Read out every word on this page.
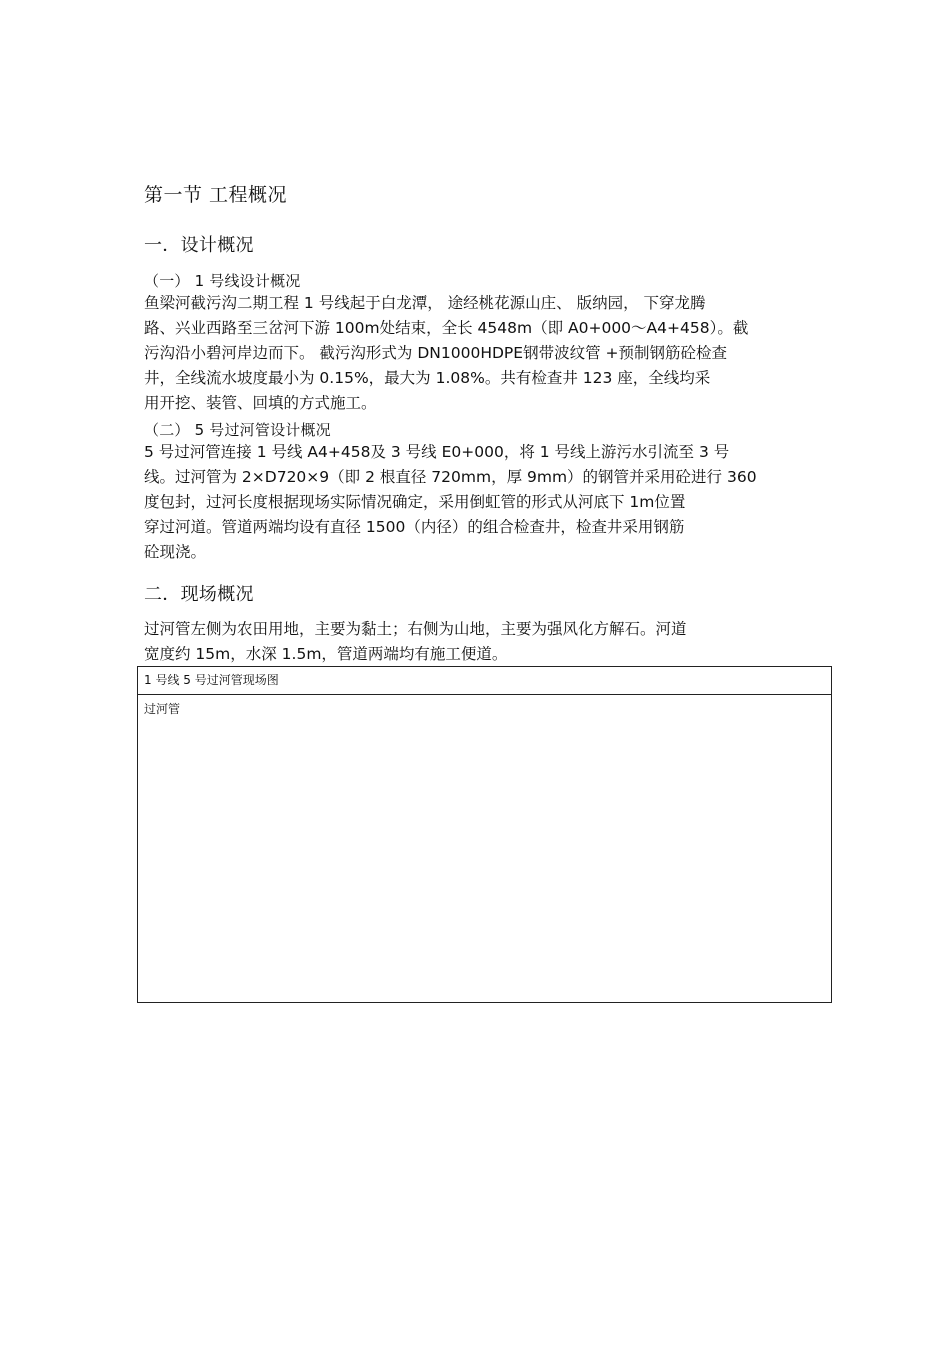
第一节 工程概况
一．设计概况
（一） 1 号线设计概况
鱼梁河截污沟二期工程 1 号线起于白龙潭， 途经桃花源山庄、 版纳园， 下穿龙腾
路、兴业西路至三岔河下游 100m处结束，全长 4548m（即 A0+000～A4+458）。截
污沟沿小碧河岸边而下。 截污沟形式为 DN1000HDPE钢带波纹管 +预制钢筋砼检查
井，全线流水坡度最小为 0.15%，最大为 1.08%。共有检查井 123 座，全线均采
用开挖、装管、回填的方式施工。
（二） 5 号过河管设计概况
5 号过河管连接 1 号线 A4+458及 3 号线 E0+000，将 1 号线上游污水引流至 3 号
线。过河管为 2×D720×9（即 2 根直径 720mm，厚 9mm）的钢管并采用砼进行 360
度包封，过河长度根据现场实际情况确定，采用倒虹管的形式从河底下 1m位置
穿过河道。管道两端均设有直径 1500（内径）的组合检查井，检查井采用钢筋
砼现浇。
二．现场概况
过河管左侧为农田用地，主要为黏土；右侧为山地，主要为强风化方解石。河道
宽度约 15m，水深 1.5m，管道两端均有施工便道。
1 号线 5 号过河管现场图
过河管
